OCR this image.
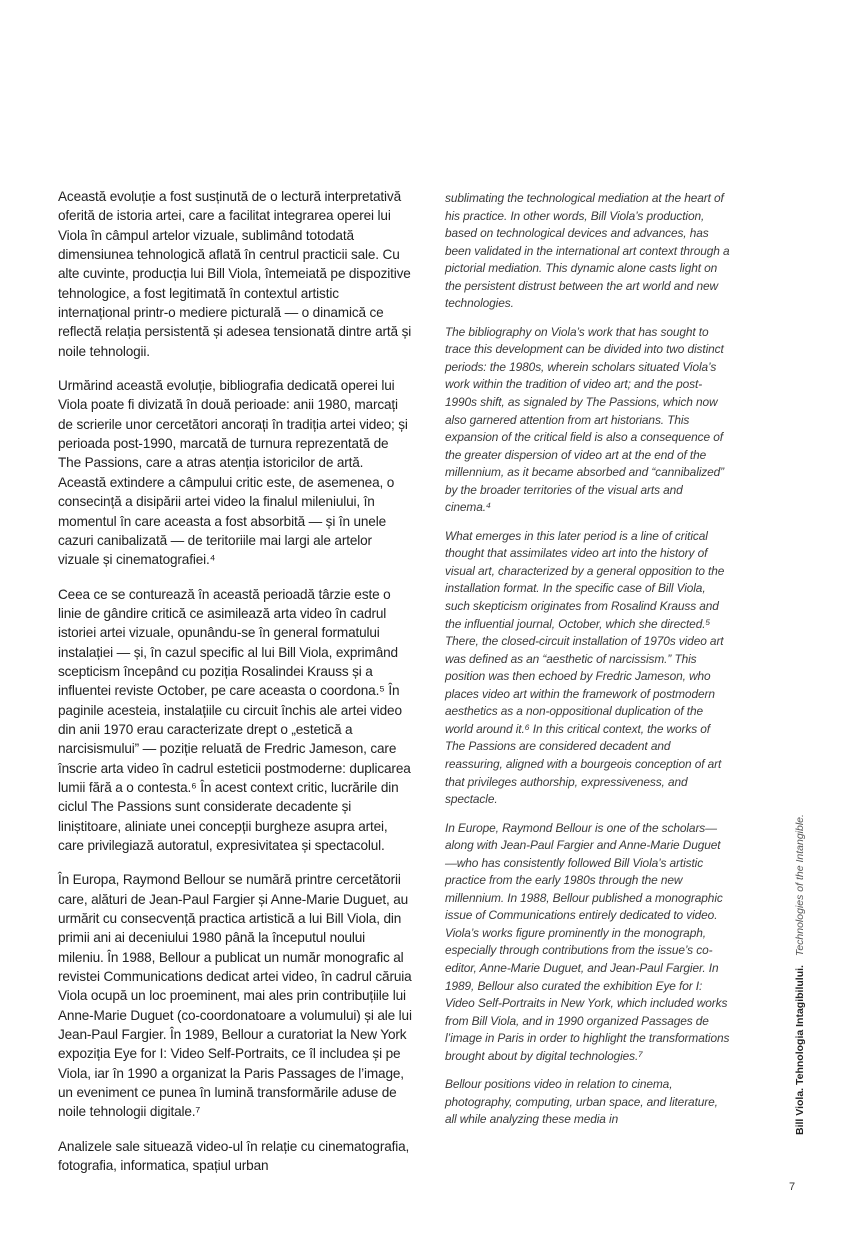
Această evoluție a fost susținută de o lectură interpretativă oferită de istoria artei, care a facilitat integrarea operei lui Viola în câmpul artelor vizuale, sublimând totodată dimensiunea tehnologică aflată în centrul practicii sale. Cu alte cuvinte, producția lui Bill Viola, întemeiată pe dispozitive tehnologice, a fost legitimată în contextul artistic internațional printr-o mediere picturală — o dinamică ce reflectă relația persistentă și adesea tensionată dintre artă și noile tehnologii.

Urmărind această evoluție, bibliografia dedicată operei lui Viola poate fi divizată în două perioade: anii 1980, marcați de scrierile unor cercetători ancorați în tradiția artei video; și perioada post-1990, marcată de turnura reprezentată de The Passions, care a atras atenția istoricilor de artă. Această extindere a câmpului critic este, de asemenea, o consecință a disipării artei video la finalul mileniului, în momentul în care aceasta a fost absorbită — și în unele cazuri canibalizată — de teritoriile mai largi ale artelor vizuale și cinematografiei.⁴

Ceea ce se conturează în această perioadă târzie este o linie de gândire critică ce asimilează arta video în cadrul istoriei artei vizuale, opunându-se în general formatului instalației — și, în cazul specific al lui Bill Viola, exprimând scepticism începând cu poziția Rosalindei Krauss și a influentei reviste October, pe care aceasta o coordona.⁵ În paginile acesteia, instalațiile cu circuit închis ale artei video din anii 1970 erau caracterizate drept o „estetică a narcisismului” — poziție reluată de Fredric Jameson, care înscrie arta video în cadrul esteticii postmoderne: duplicarea lumii fără a o contesta.⁶ În acest context critic, lucrările din ciclul The Passions sunt considerate decadente și liniștitoare, aliniate unei concepții burgheze asupra artei, care privilegiază autoratul, expresivitatea și spectacolul.

În Europa, Raymond Bellour se numără printre cercetătorii care, alături de Jean-Paul Fargier și Anne-Marie Duguet, au urmărit cu consecvență practica artistică a lui Bill Viola, din primii ani ai deceniului 1980 până la începutul noului mileniu. În 1988, Bellour a publicat un număr monografic al revistei Communications dedicat artei video, în cadrul căruia Viola ocupă un loc proeminent, mai ales prin contribuțiile lui Anne-Marie Duguet (co-coordonatoare a volumului) și ale lui Jean-Paul Fargier. În 1989, Bellour a curatoriat la New York expoziția Eye for I: Video Self-Portraits, ce îl includea și pe Viola, iar în 1990 a organizat la Paris Passages de l’image, un eveniment ce punea în lumină transformările aduse de noile tehnologii digitale.⁷

Analizele sale situează video-ul în relație cu cinematografia, fotografia, informatica, spațiul urban

sublimating the technological mediation at the heart of his practice. In other words, Bill Viola’s production, based on technological devices and advances, has been validated in the international art context through a pictorial mediation. This dynamic alone casts light on the persistent distrust between the art world and new technologies.

The bibliography on Viola’s work that has sought to trace this development can be divided into two distinct periods: the 1980s, wherein scholars situated Viola’s work within the tradition of video art; and the post-1990s shift, as signaled by The Passions, which now also garnered attention from art historians. This expansion of the critical field is also a consequence of the greater dispersion of video art at the end of the millennium, as it became absorbed and “cannibalized” by the broader territories of the visual arts and cinema.⁴

What emerges in this later period is a line of critical thought that assimilates video art into the history of visual art, characterized by a general opposition to the installation format. In the specific case of Bill Viola, such skepticism originates from Rosalind Krauss and the influential journal, October, which she directed.⁵ There, the closed-circuit installation of 1970s video art was defined as an “aesthetic of narcissism.” This position was then echoed by Fredric Jameson, who places video art within the framework of postmodern aesthetics as a non-oppositional duplication of the world around it.⁶ In this critical context, the works of The Passions are considered decadent and reassuring, aligned with a bourgeois conception of art that privileges authorship, expressiveness, and spectacle.

In Europe, Raymond Bellour is one of the scholars—along with Jean-Paul Fargier and Anne-Marie Duguet—who has consistently followed Bill Viola’s artistic practice from the early 1980s through the new millennium. In 1988, Bellour published a monographic issue of Communications entirely dedicated to video. Viola’s works figure prominently in the monograph, especially through contributions from the issue’s co-editor, Anne-Marie Duguet, and Jean-Paul Fargier. In 1989, Bellour also curated the exhibition Eye for I: Video Self-Portraits in New York, which included works from Bill Viola, and in 1990 organized Passages de l’image in Paris in order to highlight the transformations brought about by digital technologies.⁷

Bellour positions video in relation to cinema, photography, computing, urban space, and literature, all while analyzing these media in	Bill Viola. Tehnologia Intagibilului. Technologies of the Intangible.
7
